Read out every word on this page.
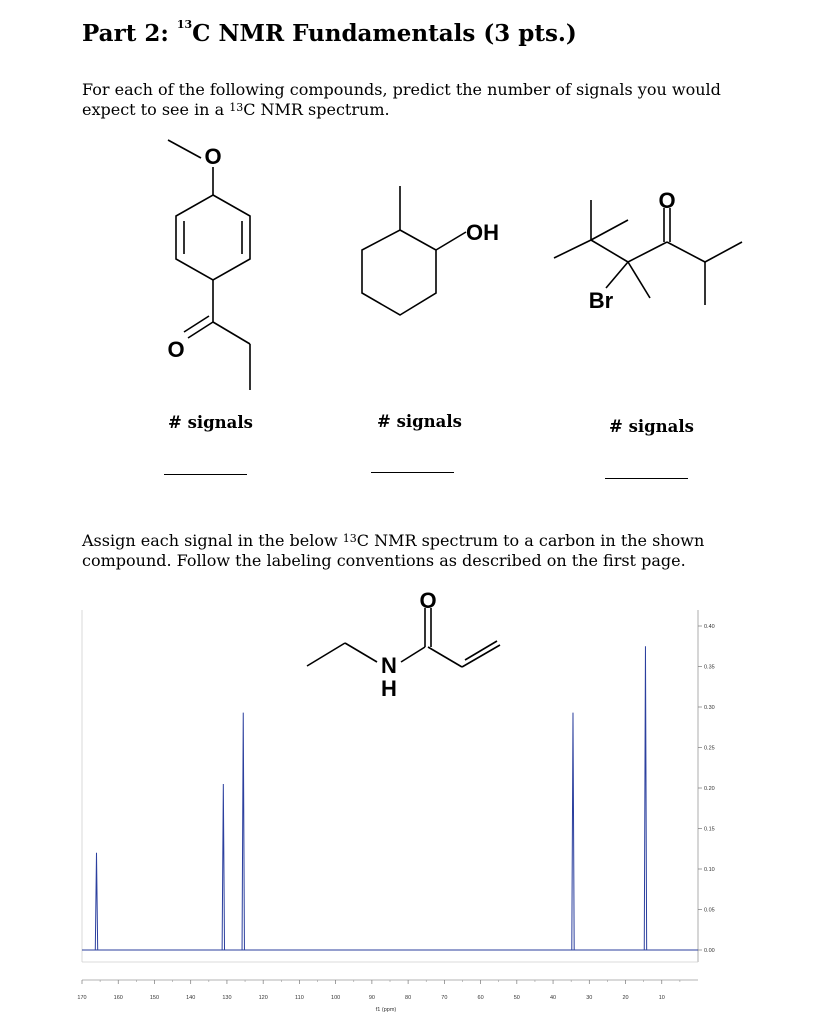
Part 2: $^{13}$C NMR Fundamentals (3 pts.)
For each of the following compounds, predict the number of signals you would
expect to see in a $^{13}$C NMR spectrum.
O
O
OH
O
Br
# signals	# signals	# signals
Assign each signal in the below $^{13}$C NMR spectrum to a carbon in the shown
compound. Follow the labeling conventions as described on the first page.
170	160	150	140	130	120	110	100	90	80	70	60	50	40	30	20	10
0.40
0.35
0.30
0.25
0.20
0.15
0.10
0.05
0.00
f1 (ppm)
O
N
H
